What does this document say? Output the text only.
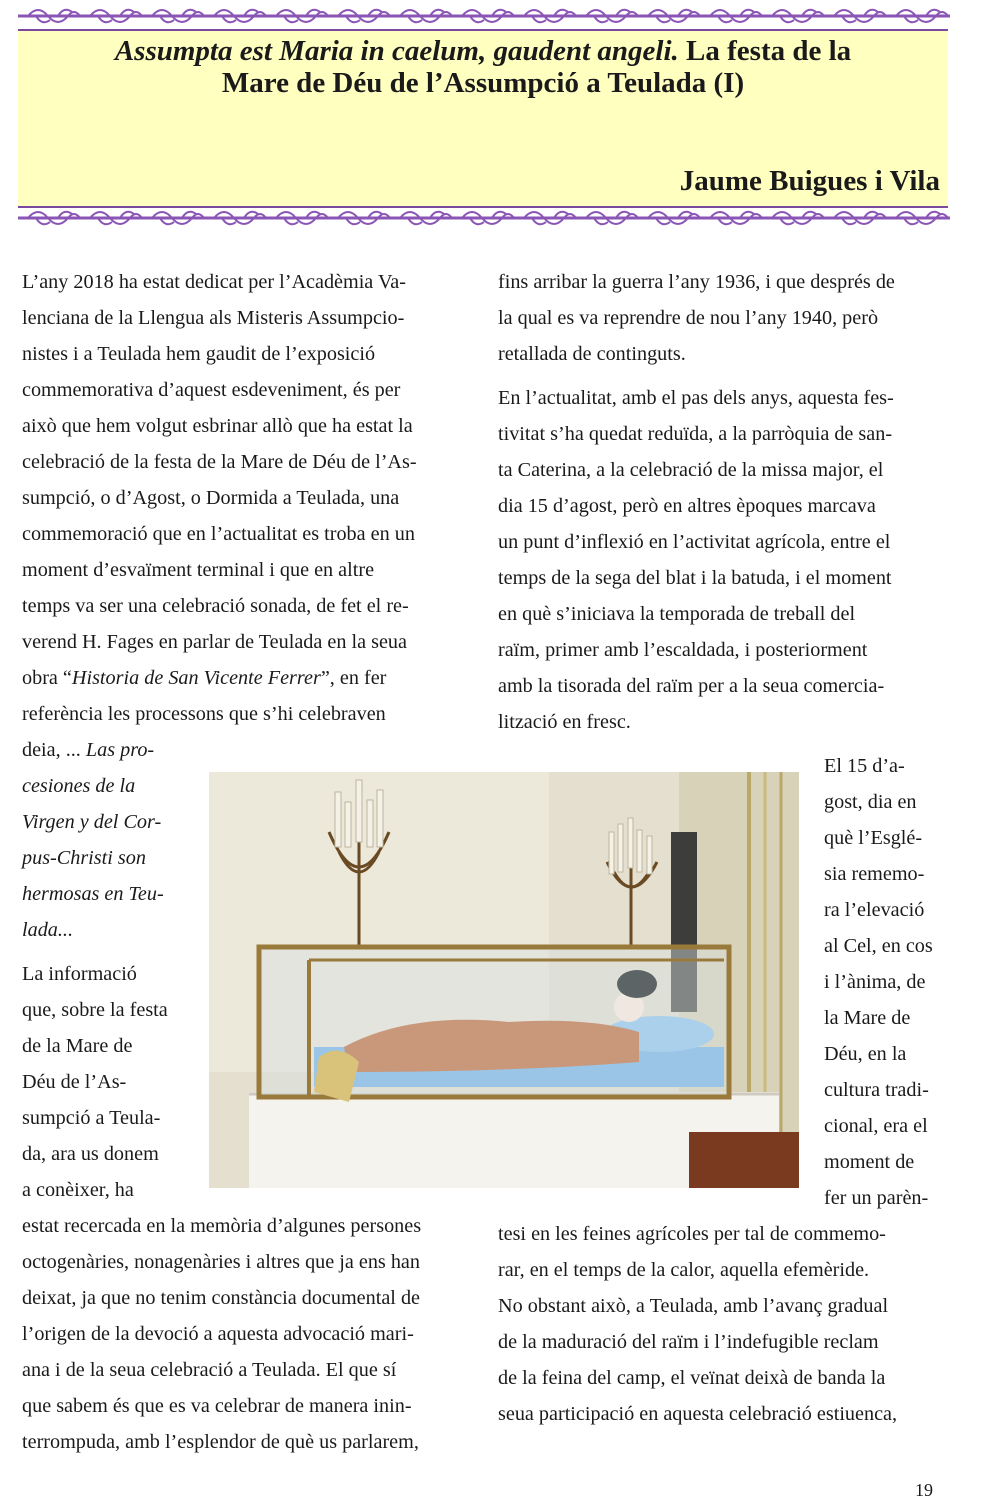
Assumpta est Maria in caelum, gaudent angeli. La festa de la
Mare de Déu de l’Assumpció a Teulada (I)

Jaume Buigues i Vila

L’any 2018 ha estat dedicat per l’Acadèmia Va-
lenciana de la Llengua als Misteris Assumpcio-
nistes i a Teulada hem gaudit de l’exposició
commemorativa d’aquest esdeveniment, és per
això que hem volgut esbrinar allò que ha estat la
celebració de la festa de la Mare de Déu de l’As-
sumpció, o d’Agost, o Dormida a Teulada, una
commemoració que en l’actualitat es troba en un
moment d’esvaïment terminal i que en altre
temps va ser una celebració sonada, de fet el re-
verend H. Fages en parlar de Teulada en la seua
obra “Historia de San Vicente Ferrer”, en fer
referència les processons que s’hi celebraven
deia, ... Las pro-
cesiones de la
Virgen y del Cor-
pus-Christi son
hermosas en Teu-
lada...
La informació
que, sobre la festa
de la Mare de
Déu de l’As-
sumpció a Teula-
da, ara us donem
a conèixer, ha
estat recercada en la memòria d’algunes persones
octogenàries, nonagenàries i altres que ja ens han
deixat, ja que no tenim constància documental de
l’origen de la devoció a aquesta advocació mari-
ana i de la seua celebració a Teulada. El que sí
que sabem és que es va celebrar de manera inin-
terrompuda, amb l’esplendor de què us parlarem,
fins arribar la guerra l’any 1936, i que després de
la qual es va reprendre de nou l’any 1940, però
retallada de continguts.
En l’actualitat, amb el pas dels anys, aquesta fes-
tivitat s’ha quedat reduïda, a la parròquia de san-
ta Caterina, a la celebració de la missa major, el
dia 15 d’agost, però en altres èpoques marcava
un punt d’inflexió en l’activitat agrícola, entre el
temps de la sega del blat i la batuda, i el moment
en què s’iniciava la temporada de treball del
raïm, primer amb l’escaldada, i posteriorment
amb la tisorada del raïm per a la seua comercia-
lització en fresc.
El 15 d’a-
gost, dia en
què l’Esglé-
sia rememo-
ra l’elevació
al Cel, en cos
i l’ànima, de
la Mare de
Déu, en la
cultura tradi-
cional, era el
moment de
fer un parèn-
tesi en les feines agrícoles per tal de commemo-
rar, en el temps de la calor, aquella efemèride.
No obstant això, a Teulada, amb l’avanç gradual
de la maduració del raïm i l’indefugible reclam
de la feina del camp, el veïnat deixà de banda la
seua participació en aquesta celebració estiuenca,

19
